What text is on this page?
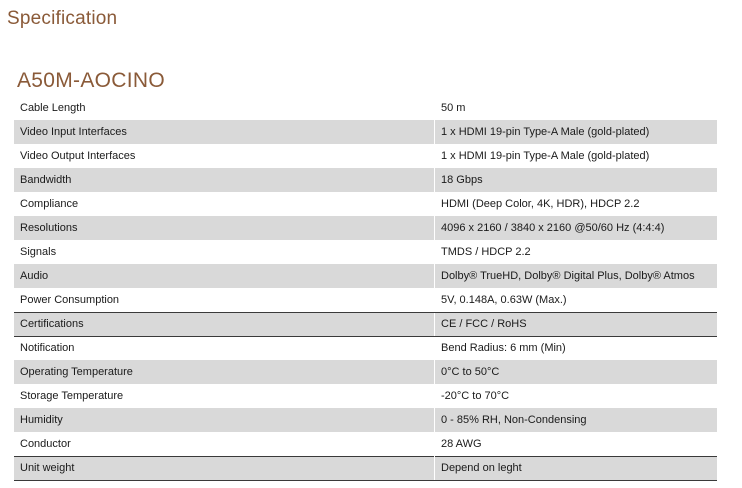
Specification
A50M-AOCINO
Cable Length	50 m
Video Input Interfaces	1 x HDMI 19-pin Type-A Male (gold-plated)
Video Output Interfaces	1 x HDMI 19-pin Type-A Male (gold-plated)
Bandwidth	18 Gbps
Compliance	HDMI (Deep Color, 4K, HDR), HDCP 2.2
Resolutions	4096 x 2160 / 3840 x 2160 @50/60 Hz (4:4:4)
Signals	TMDS / HDCP 2.2
Audio	Dolby® TrueHD, Dolby® Digital Plus, Dolby® Atmos
Power Consumption	5V, 0.148A, 0.63W (Max.)
Certifications	CE / FCC / RoHS
Notification	Bend Radius: 6 mm (Min)
Operating Temperature	0°C to 50°C
Storage Temperature	-20°C to 70°C
Humidity	0 - 85% RH, Non-Condensing
Conductor	28 AWG
Unit weight	Depend on leght
